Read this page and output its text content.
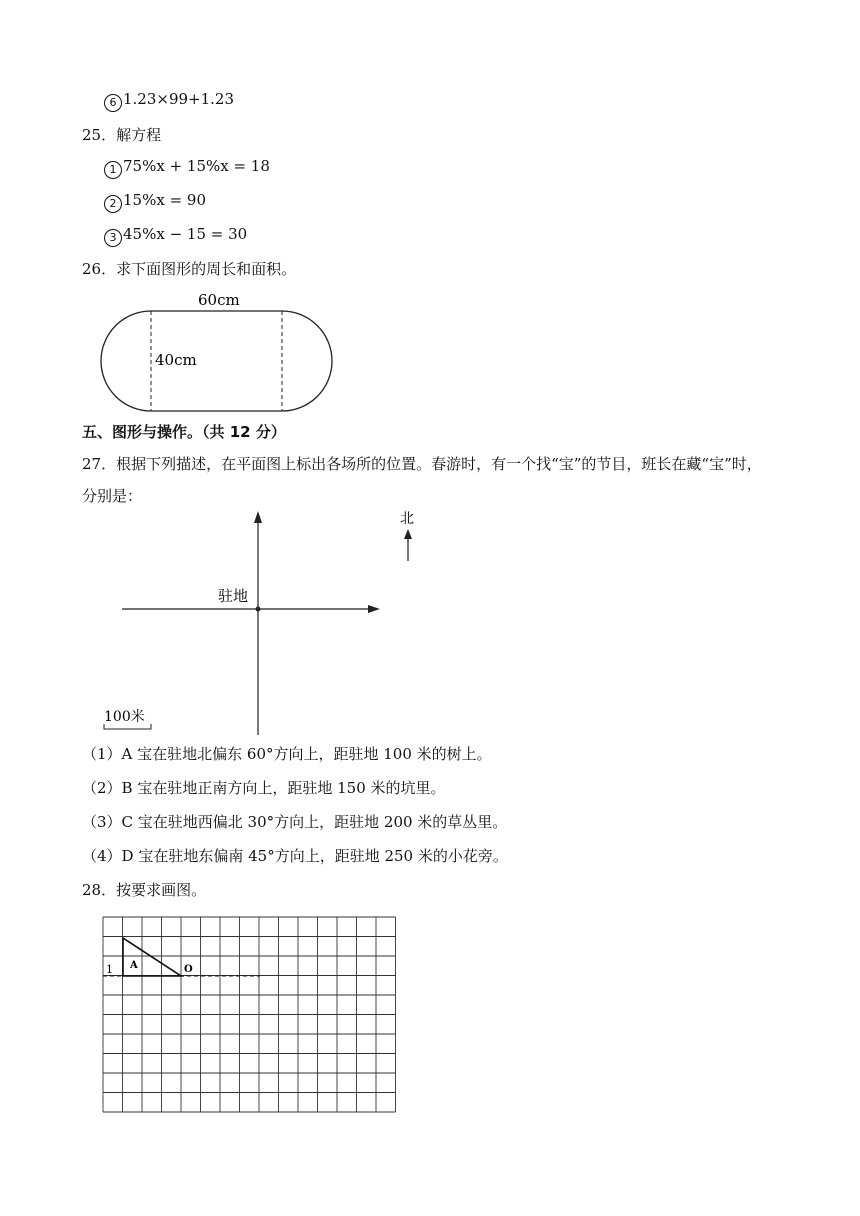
6 1.23×99+1.23
25．解方程
1 75%x + 15%x = 18
2 15%x = 90
3 45%x − 15 = 30
26．求下面图形的周长和面积。
60cm
40cm
五、图形与操作。（共 12 分）
27．根据下列描述，在平面图上标出各场所的位置。春游时，有一个找“宝”的节目，班长在藏“宝”时，
分别是：
驻地
北
100米
（1）A 宝在驻地北偏东 60°方向上，距驻地 100 米的树上。
（2）B 宝在驻地正南方向上，距驻地 150 米的坑里。
（3）C 宝在驻地西偏北 30°方向上，距驻地 200 米的草丛里。
（4）D 宝在驻地东偏南 45°方向上，距驻地 250 米的小花旁。
28．按要求画图。
1 A	O
